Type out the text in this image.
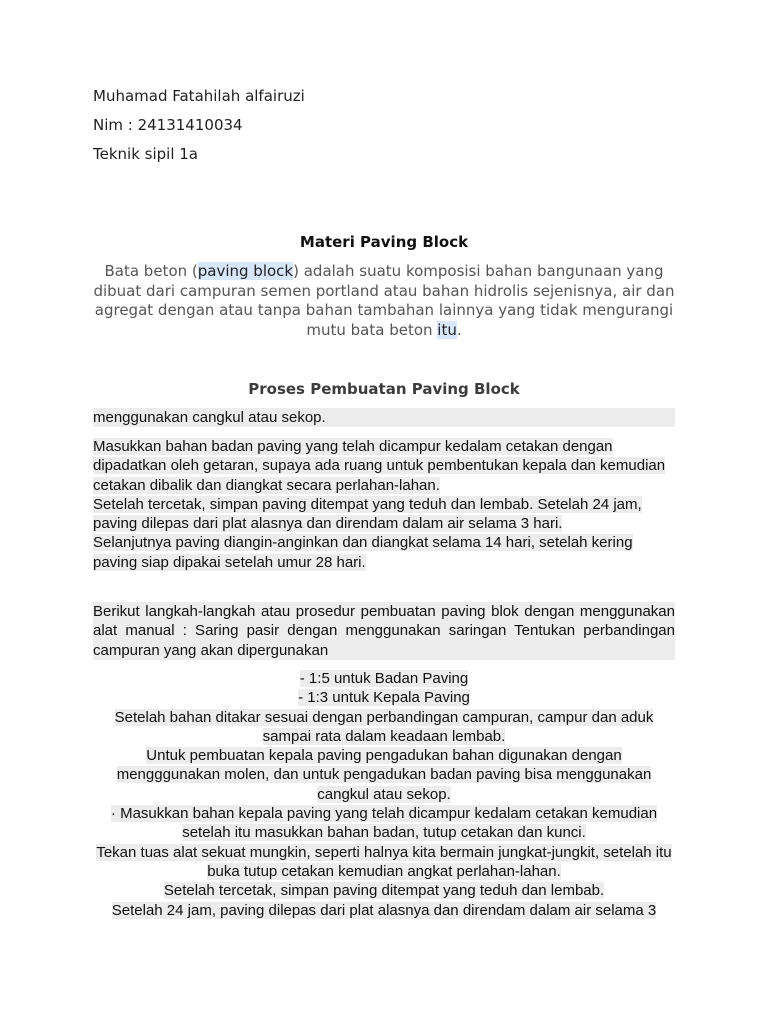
Muhamad Fatahilah alfairuzi
Nim : 24131410034
Teknik sipil 1a
Materi Paving Block
Bata beton (paving block) adalah suatu komposisi bahan bangunaan yang dibuat dari campuran semen portland atau bahan hidrolis sejenisnya, air dan agregat dengan atau tanpa bahan tambahan lainnya yang tidak mengurangi mutu bata beton itu.
Proses Pembuatan Paving Block
menggunakan cangkul atau sekop.
Masukkan bahan badan paving yang telah dicampur kedalam cetakan dengan dipadatkan oleh getaran, supaya ada ruang untuk pembentukan kepala dan kemudian cetakan dibalik dan diangkat secara perlahan-lahan.
Setelah tercetak, simpan paving ditempat yang teduh dan lembab. Setelah 24 jam, paving dilepas dari plat alasnya dan direndam dalam air selama 3 hari.
Selanjutnya paving diangin-anginkan dan diangkat selama 14 hari, setelah kering paving siap dipakai setelah umur 28 hari.
Berikut langkah-langkah atau prosedur pembuatan paving blok dengan menggunakan alat manual : Saring pasir dengan menggunakan saringan Tentukan perbandingan campuran yang akan dipergunakan
- 1:5 untuk Badan Paving
- 1:3 untuk Kepala Paving
Setelah bahan ditakar sesuai dengan perbandingan campuran, campur dan aduk sampai rata dalam keadaan lembab.
Untuk pembuatan kepala paving pengadukan bahan digunakan dengan mengggunakan molen, dan untuk pengadukan badan paving bisa menggunakan cangkul atau sekop.
· Masukkan bahan kepala paving yang telah dicampur kedalam cetakan kemudian setelah itu masukkan bahan badan, tutup cetakan dan kunci.
Tekan tuas alat sekuat mungkin, seperti halnya kita bermain jungkat-jungkit, setelah itu buka tutup cetakan kemudian angkat perlahan-lahan.
Setelah tercetak, simpan paving ditempat yang teduh dan lembab.
Setelah 24 jam, paving dilepas dari plat alasnya dan direndam dalam air selama 3
